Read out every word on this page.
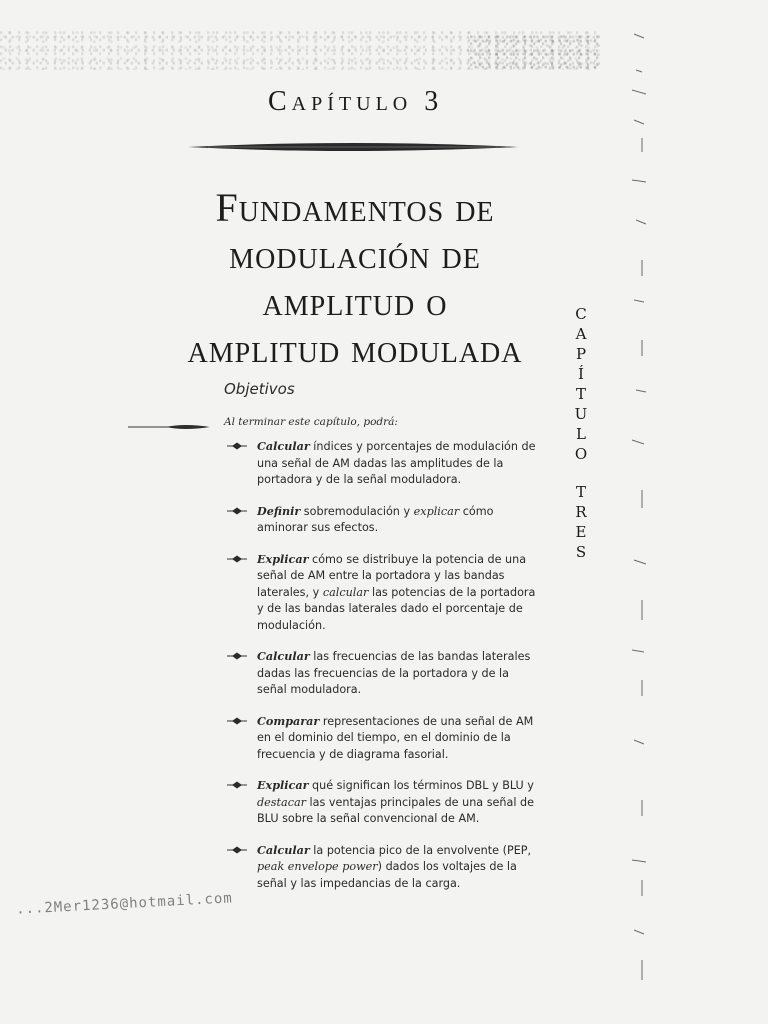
Capítulo 3
Fundamentos de
modulación de
amplitud o
amplitud modulada
Objetivos
Al terminar este capítulo, podrá:
Calcular índices y porcentajes de modulación de una señal de AM dadas las amplitudes de la portadora y de la señal moduladora.
Definir sobremodulación y explicar cómo aminorar sus efectos.
Explicar cómo se distribuye la potencia de una señal de AM entre la portadora y las bandas laterales, y calcular las potencias de la portadora y de las bandas laterales dado el porcentaje de modulación.
Calcular las frecuencias de las bandas laterales dadas las frecuencias de la portadora y de la señal moduladora.
Comparar representaciones de una señal de AM en el dominio del tiempo, en el dominio de la frecuencia y de diagrama fasorial.
Explicar qué significan los términos DBL y BLU y destacar las ventajas principales de una señal de BLU sobre la señal convencional de AM.
Calcular la potencia pico de la envolvente (PEP, peak envelope power) dados los voltajes de la señal y las impedancias de la carga.
C
A
P
Í
T
U
L
O
T
R
E
S
...2Mer1236@hotmail.com
